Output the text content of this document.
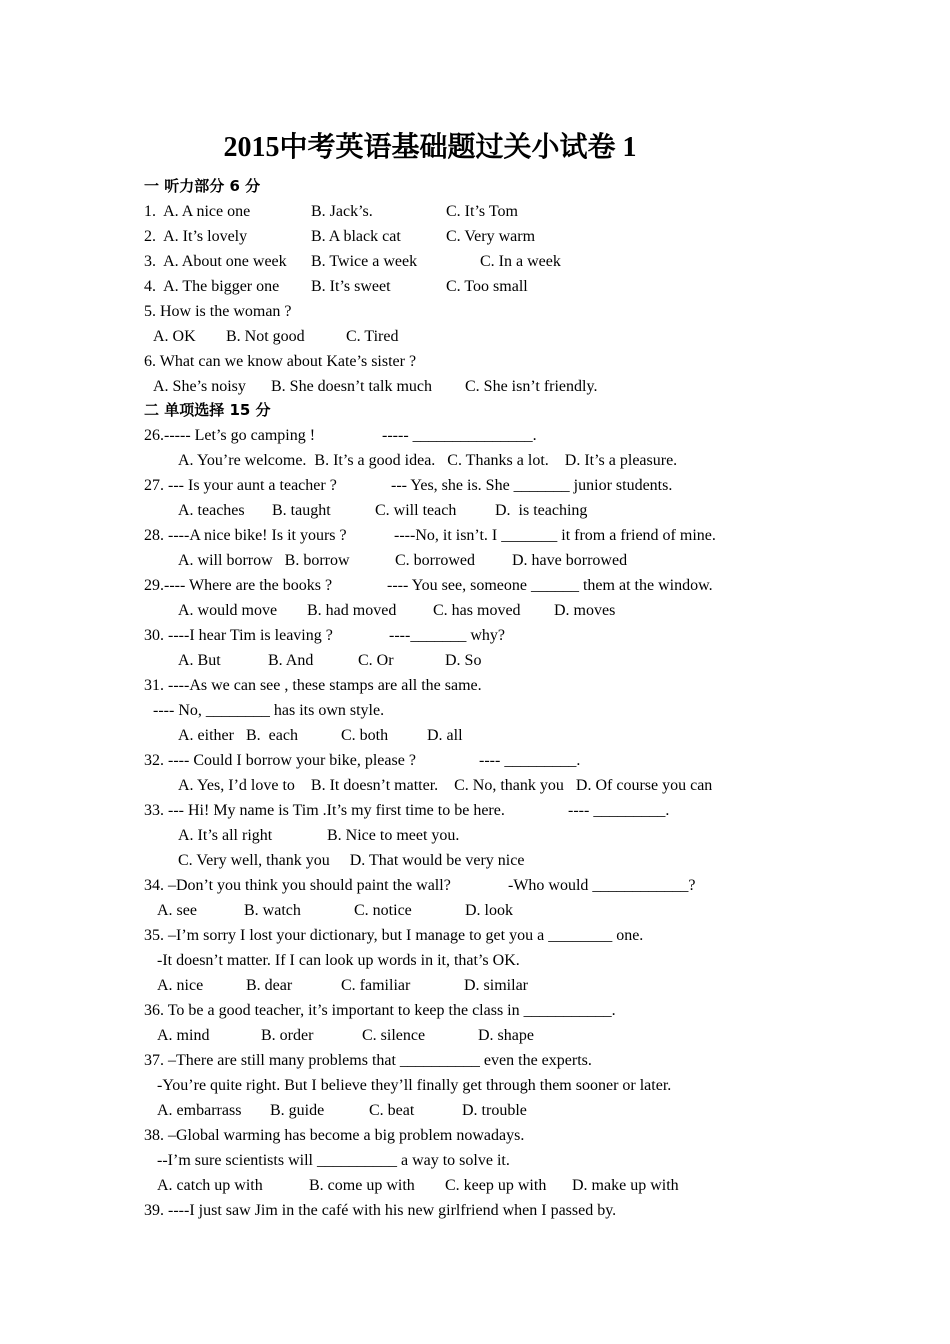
2015中考英语基础题过关小试卷 1
一 听力部分 6 分
二 单项选择 15 分
1.  A. A nice one	B. Jack’s.	C. It’s Tom
2.  A. It’s lovely	B. A black cat	C. Very warm
3.  A. About one week B. Twice a week	C. In a week
4.  A. The bigger one B. It’s sweet	C. Too small
5. How is the woman ?
A. OK B. Not good	C. Tired
6. What can we know about Kate’s sister ?
A. She’s noisy B. She doesn’t talk much C. She isn’t friendly.
26.----- Let’s go camping !	----- _______________.
A. You’re welcome.  B. It’s a good idea.   C. Thanks a lot.    D. It’s a pleasure.
27. --- Is your aunt a teacher ?	--- Yes, she is. She _______ junior students.
A. teaches B. taught	C. will teach D.  is teaching
28. ----A nice bike! Is it yours ?	----No, it isn’t. I _______ it from a friend of mine.
A. will borrow   B. borrow	C. borrowed D. have borrowed
29.---- Where are the books ?	---- You see, someone ______ them at the window.
A. would move B. had moved C. has moved D. moves
30. ----I hear Tim is leaving ?	----_______ why?
A. But	B. And	C. Or	D. So
31. ----As we can see , these stamps are all the same.
---- No, ________ has its own style.
A. either   B.  each	C. both D. all
32. ---- Could I borrow your bike, please ?	---- _________.
A. Yes, I’d love to    B. It doesn’t matter.    C. No, thank you   D. Of course you can
33. --- Hi! My name is Tim .It’s my first time to be here.	---- _________.
A. It’s all right	B. Nice to meet you.
C. Very well, thank you     D. That would be very nice
34. –Don’t you think you should paint the wall?	-Who would ____________?
A. see	B. watch	C. notice	D. look
35. –I’m sorry I lost your dictionary, but I manage to get you a ________ one.
-It doesn’t matter. If I can look up words in it, that’s OK.
A. nice	B. dear	C. familiar	D. similar
36. To be a good teacher, it’s important to keep the class in ___________.
A. mind	B. order	C. silence	D. shape
37. –There are still many problems that __________ even the experts.
-You’re quite right. But I believe they’ll finally get through them sooner or later.
A. embarrass B. guide	C. beat	D. trouble
38. –Global warming has become a big problem nowadays.
--I’m sure scientists will __________ a way to solve it.
A. catch up with	B. come up with C. keep up with D. make up with
39. ----I just saw Jim in the café with his new girlfriend when I passed by.
